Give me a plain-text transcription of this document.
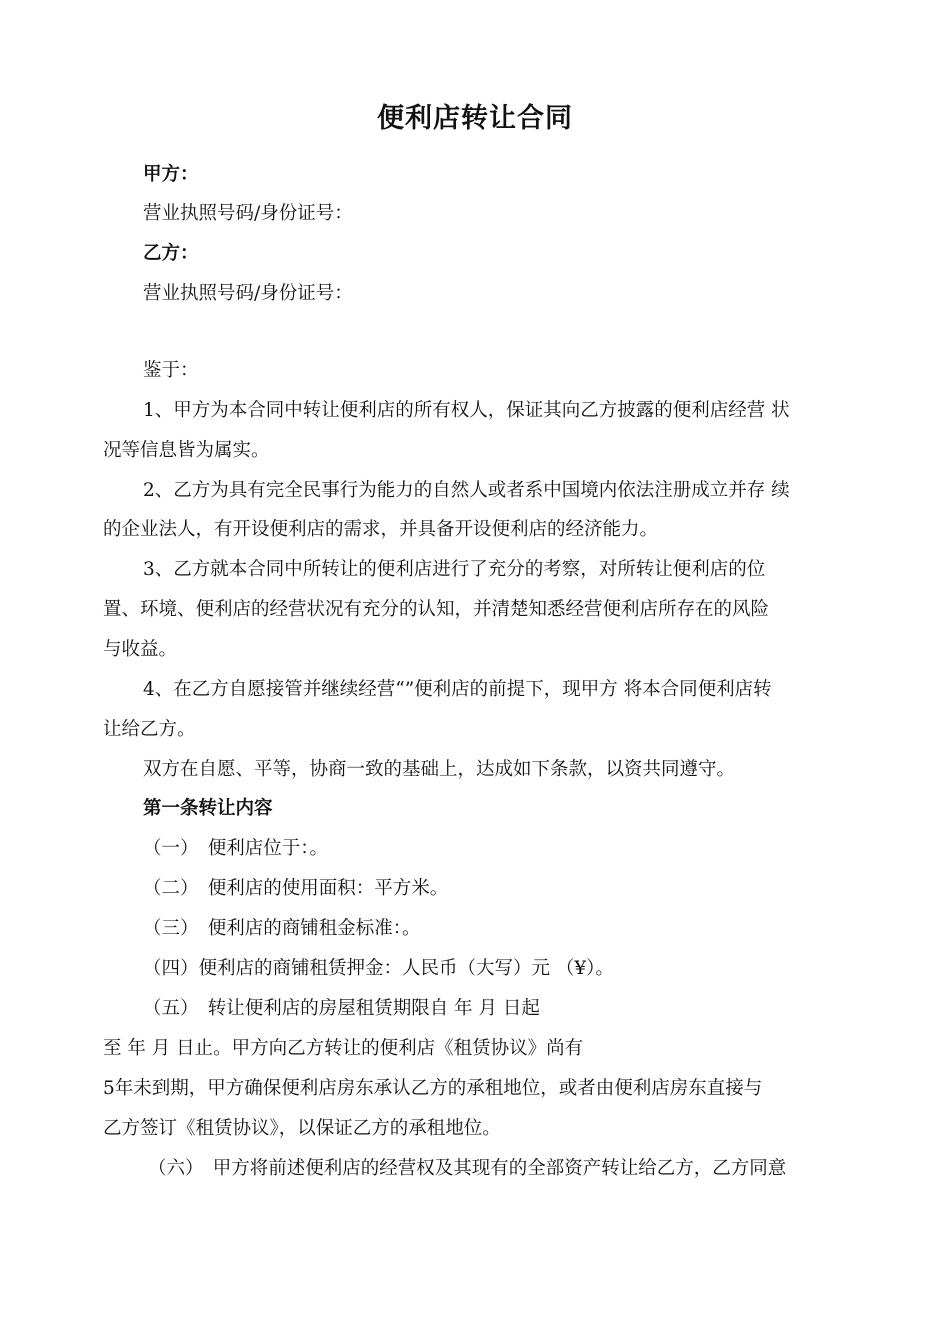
便利店转让合同
甲方：
营业执照号码/身份证号：
乙方：
营业执照号码/身份证号：
鉴于：
1、甲方为本合同中转让便利店的所有权人，保证其向乙方披露的便利店经营 状
况等信息皆为属实。
2、乙方为具有完全民事行为能力的自然人或者系中国境内依法注册成立并存 续
的企业法人，有开设便利店的需求，并具备开设便利店的经济能力。
3、乙方就本合同中所转让的便利店进行了充分的考察，对所转让便利店的位
置、环境、便利店的经营状况有充分的认知，并清楚知悉经营便利店所存在的风险
与收益。
4、在乙方自愿接管并继续经营“”便利店的前提下，现甲方 将本合同便利店转
让给乙方。
双方在自愿、平等，协商一致的基础上，达成如下条款，以资共同遵守。
第一条转让内容
（一）　便利店位于：。
（二）　便利店的使用面积：平方米。
（三）　便利店的商铺租金标准：。
（四）便利店的商铺租赁押金：人民币（大写）元 （¥）。
（五）　转让便利店的房屋租赁期限自 年 月 日起
至 年 月 日止。甲方向乙方转让的便利店《租赁协议》尚有
5年未到期，甲方确保便利店房东承认乙方的承租地位，或者由便利店房东直接与
乙方签订《租赁协议》，以保证乙方的承租地位。
（六）　甲方将前述便利店的经营权及其现有的全部资产转让给乙方，乙方同意
